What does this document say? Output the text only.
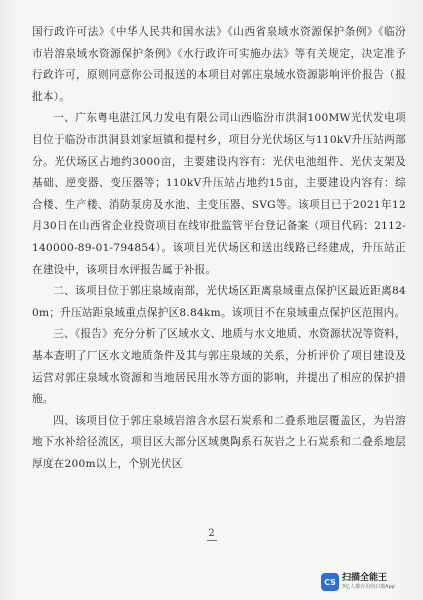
国行政许可法》《中华人民共和国水法》《山西省泉域水资源保护条例》《临汾市岩溶泉域水资源保护条例》《水行政许可实施办法》等有关规定，决定准予行政许可，原则同意你公司报送的本项目对郭庄泉域水资源影响评价报告（报批本）。

一、广东粤电湛江风力发电有限公司山西临汾市洪洞100MW光伏发电项目位于临汾市洪洞县刘家垣镇和提村乡，项目分光伏场区与110kV升压站两部分。光伏场区占地约3000亩，主要建设内容有：光伏电池组件、光伏支架及基础、逆变器、变压器等；110kV升压站占地约15亩，主要建设内容有：综合楼、生产楼、消防泵房及水池、主变压器、SVG等。该项目已于2021年12月30日在山西省企业投资项目在线审批监管平台登记备案（项目代码：2112-140000-89-01-794854）。该项目光伏场区和送出线路已经建成，升压站正在建设中，该项目水评报告属于补报。

二、该项目位于郭庄泉域南部，光伏场区距离泉域重点保护区最近距离840m；升压站距泉域重点保护区8.84km。该项目不在泉域重点保护区范围内。

三、《报告》充分分析了区域水文、地质与水文地质、水资源状况等资料，基本查明了厂区水文地质条件及其与郭庄泉域的关系，分析评价了项目建设及运营对郭庄泉域水资源和当地居民用水等方面的影响，并提出了相应的保护措施。

四、该项目位于郭庄泉域岩溶含水层石炭系和二叠系地层覆盖区，为岩溶地下水补给径流区，项目区大部分区域奥陶系石灰岩之上石炭系和二叠系地层厚度在200m以上，个别光伏区

2
CS 扫描全能王
3亿人都在用的扫描App
